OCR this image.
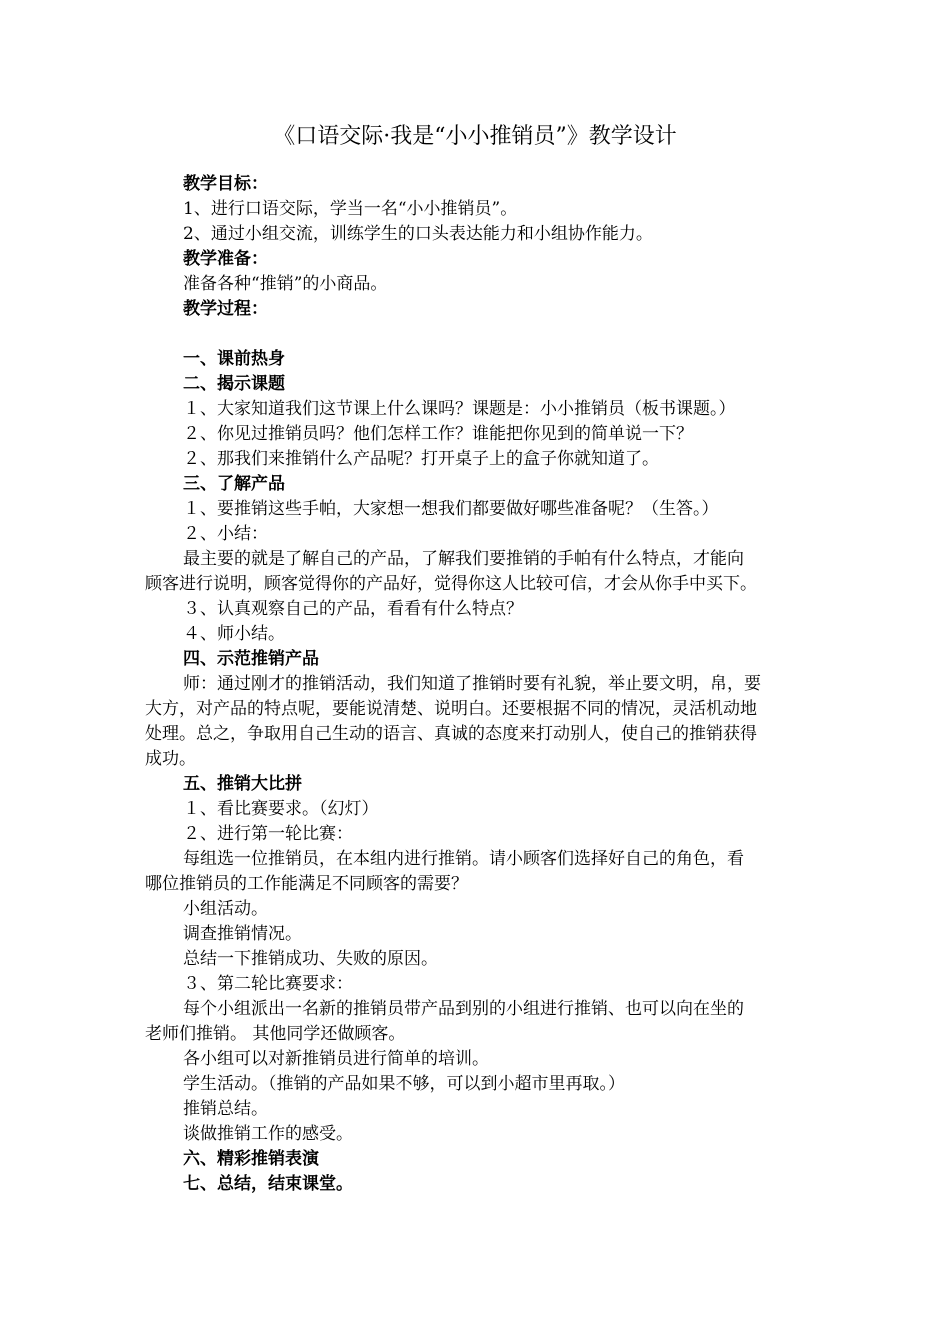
《口语交际·我是“小小推销员”》教学设计
教学目标：
1、进行口语交际，学当一名“小小推销员”。
2、通过小组交流，训练学生的口头表达能力和小组协作能力。
教学准备：
准备各种“推销”的小商品。
教学过程：
一、课前热身
二、揭示课题
１、大家知道我们这节课上什么课吗？课题是：小小推销员（板书课题。）
２、你见过推销员吗？他们怎样工作？谁能把你见到的简单说一下？
２、那我们来推销什么产品呢？打开桌子上的盒子你就知道了。
三、了解产品
１、要推销这些手帕，大家想一想我们都要做好哪些准备呢？（生答。）
２、小结：
最主要的就是了解自己的产品，了解我们要推销的手帕有什么特点，才能向
顾客进行说明，顾客觉得你的产品好，觉得你这人比较可信，才会从你手中买下。
３、认真观察自己的产品，看看有什么特点？
４、师小结。
四、示范推销产品
师：通过刚才的推销活动，我们知道了推销时要有礼貌，举止要文明，帛，要
大方，对产品的特点呢，要能说清楚、说明白。还要根据不同的情况，灵活机动地
处理。总之，争取用自己生动的语言、真诚的态度来打动别人，使自己的推销获得
成功。
五、推销大比拼
１、看比赛要求。（幻灯）
２、进行第一轮比赛：
每组选一位推销员，在本组内进行推销。请小顾客们选择好自己的角色，看
哪位推销员的工作能满足不同顾客的需要？
小组活动。
调查推销情况。
总结一下推销成功、失败的原因。
３、第二轮比赛要求：
每个小组派出一名新的推销员带产品到别的小组进行推销、也可以向在坐的
老师们推销。 其他同学还做顾客。
各小组可以对新推销员进行简单的培训。
学生活动。（推销的产品如果不够，可以到小超市里再取。）
推销总结。
谈做推销工作的感受。
六、精彩推销表演
七、总结，结束课堂。
